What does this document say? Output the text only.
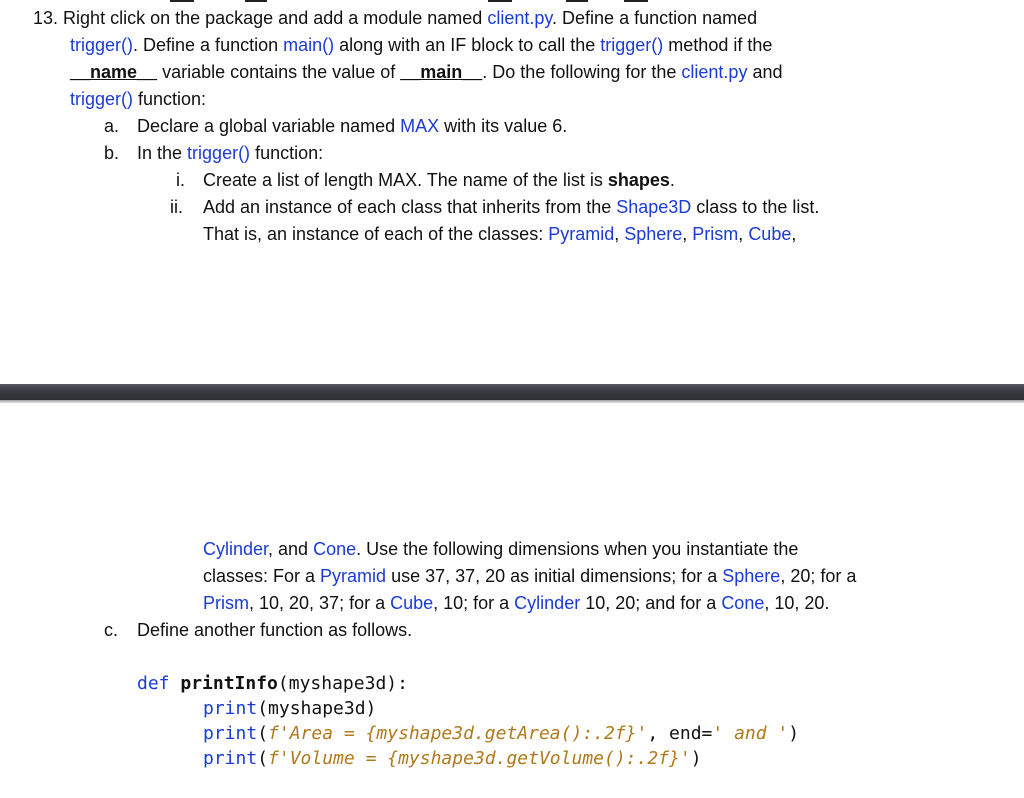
13. Right click on the package and add a module named client.py. Define a function named
trigger(). Define a function main() along with an IF block to call the trigger() method if the
__name__ variable contains the value of __main__. Do the following for the client.py and
trigger() function:
a. Declare a global variable named MAX with its value 6.
b. In the trigger() function:
i. Create a list of length MAX. The name of the list is shapes.
ii. Add an instance of each class that inherits from the Shape3D class to the list.
That is, an instance of each of the classes: Pyramid, Sphere, Prism, Cube,
Cylinder, and Cone. Use the following dimensions when you instantiate the
classes: For a Pyramid use 37, 37, 20 as initial dimensions; for a Sphere, 20; for a
Prism, 10, 20, 37; for a Cube, 10; for a Cylinder 10, 20; and for a Cone, 10, 20.
c. Define another function as follows.
def printInfo(myshape3d):
print(myshape3d)
print(f'Area = {myshape3d.getArea():.2f}', end=' and ')
print(f'Volume = {myshape3d.getVolume():.2f}')
